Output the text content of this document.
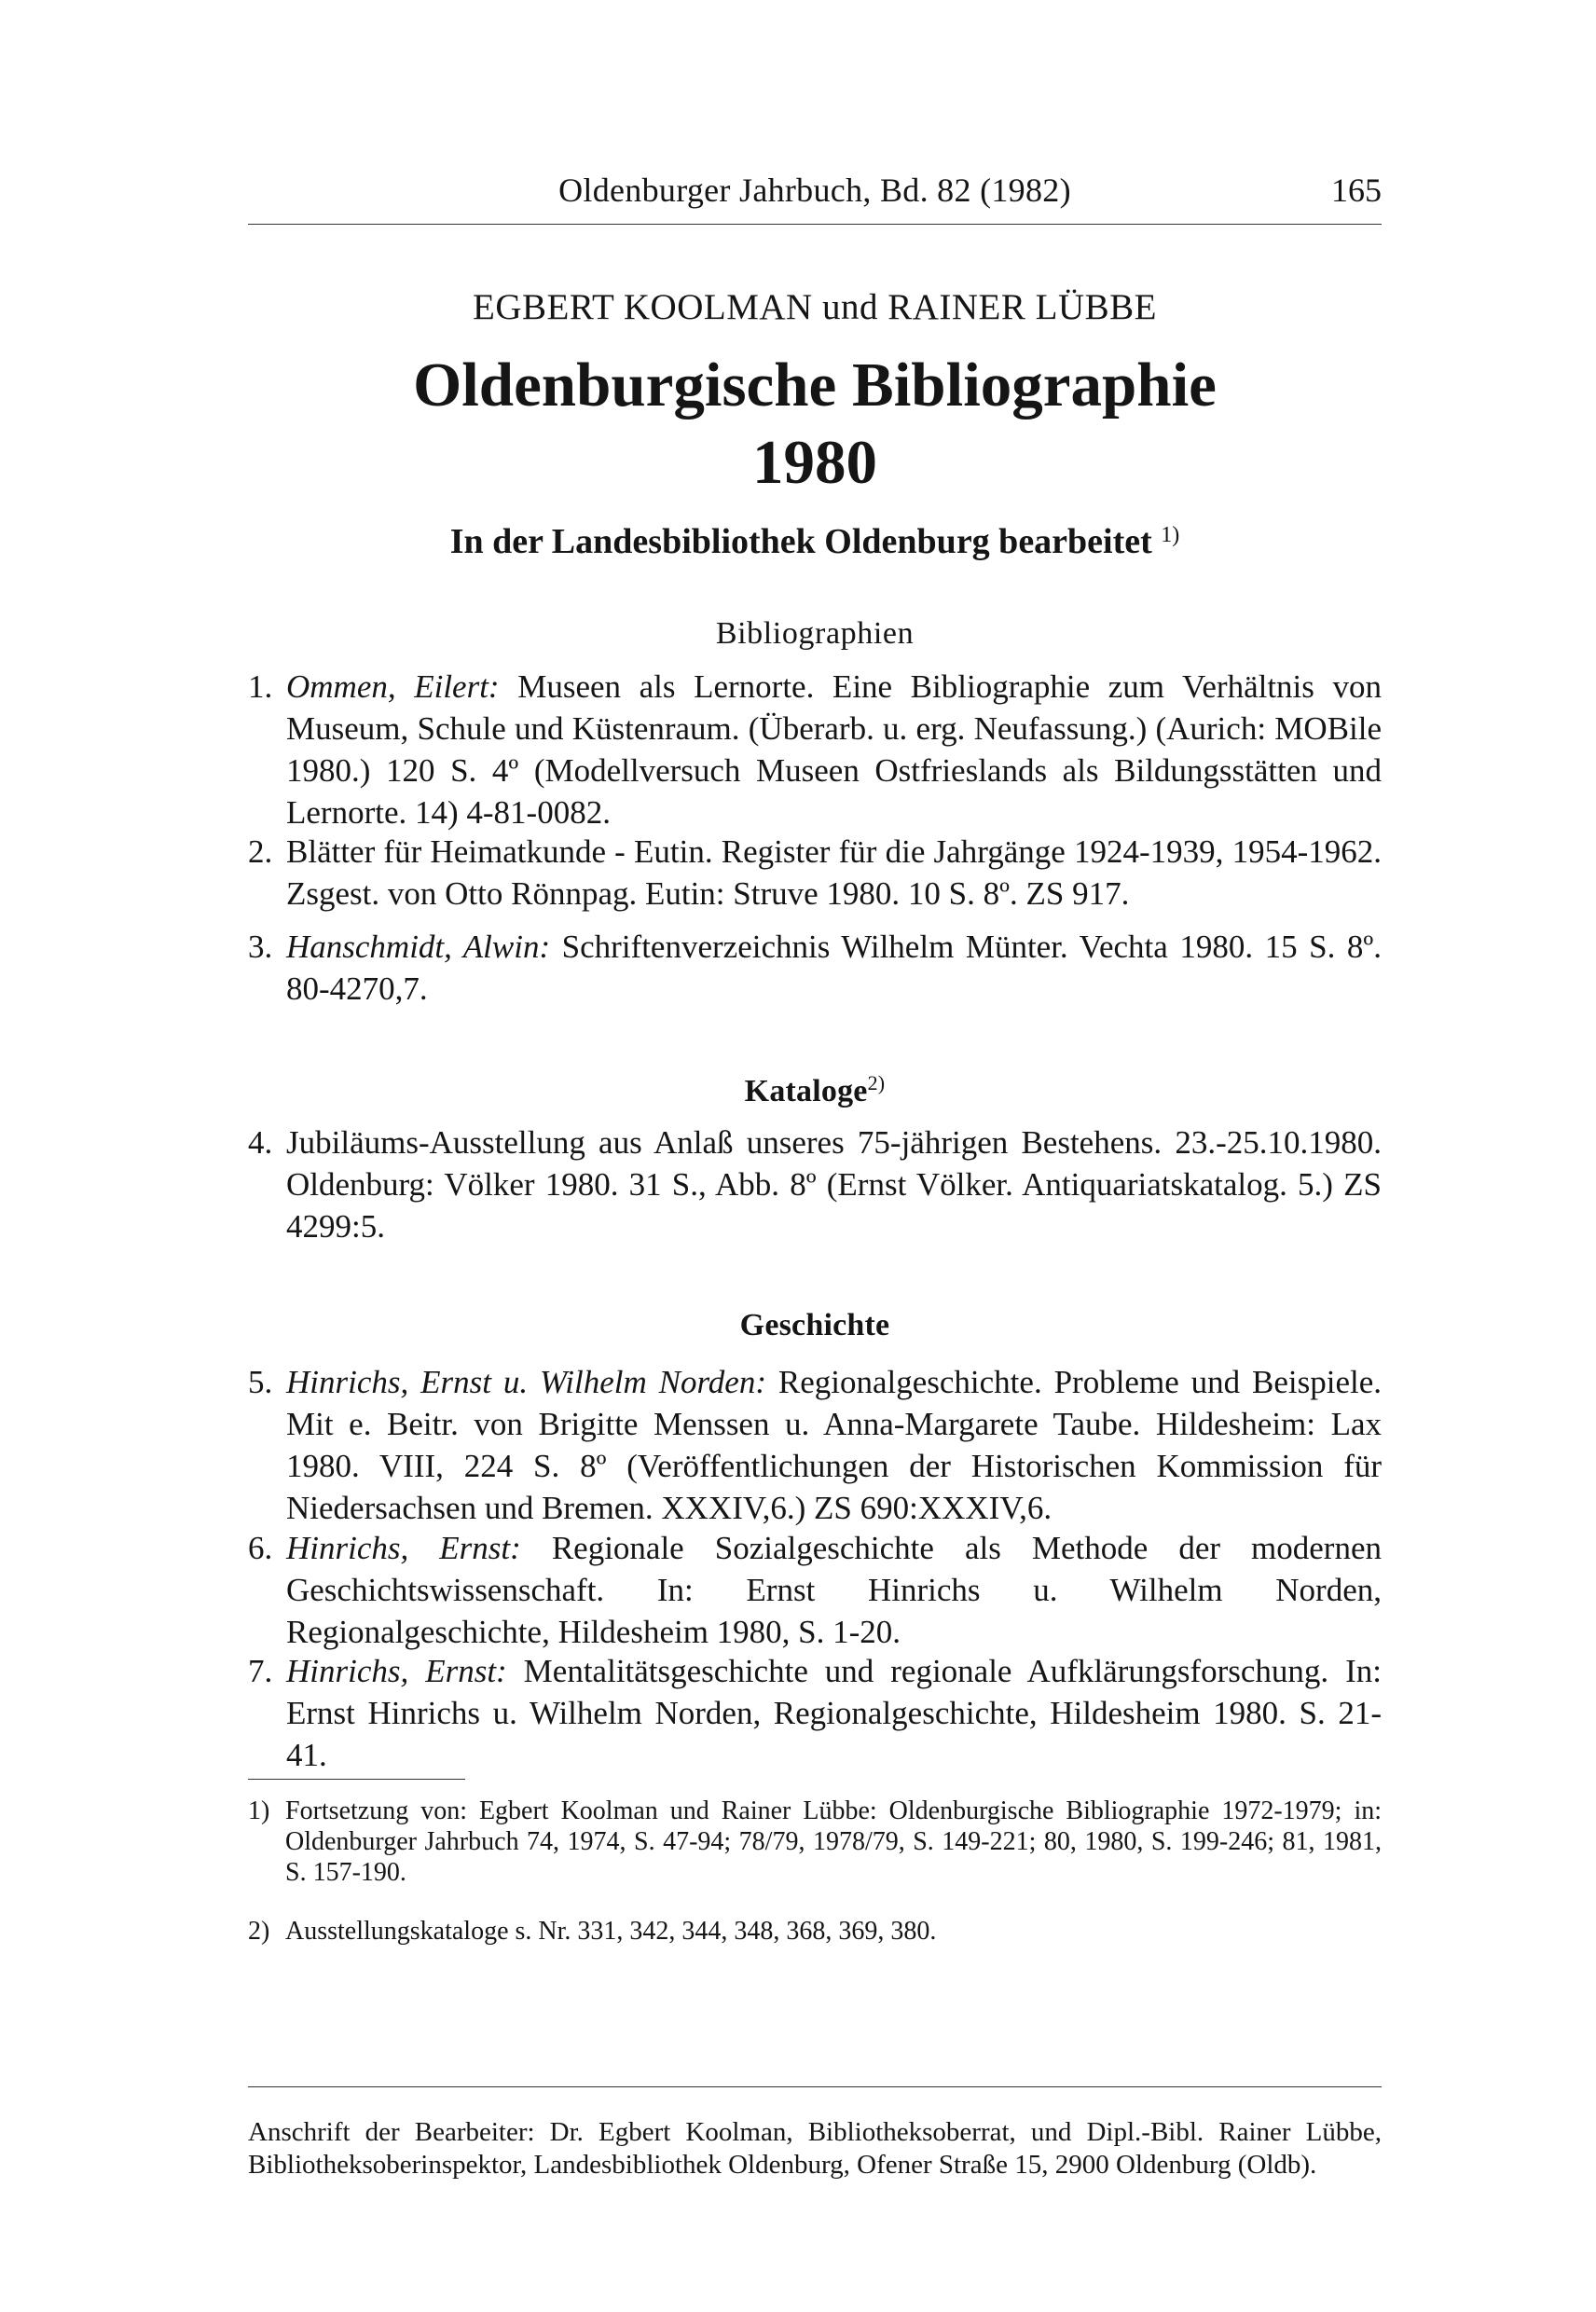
Oldenburger Jahrbuch, Bd. 82 (1982)	165
EGBERT KOOLMAN und RAINER LÜBBE
Oldenburgische Bibliographie
1980
In der Landesbibliothek Oldenburg bearbeitet $^{1)}$
Bibliographien
1. Ommen, Eilert: Museen als Lernorte. Eine Bibliographie zum Verhältnis von Museum, Schule und Küstenraum. (Überarb. u. erg. Neufassung.) (Aurich: MOBile 1980.) 120 S. 4º (Modellversuch Museen Ostfrieslands als Bildungsstätten und Lernorte. 14) 4-81-0082.
2. Blätter für Heimatkunde - Eutin. Register für die Jahrgänge 1924-1939, 1954-1962. Zsgest. von Otto Rönnpag. Eutin: Struve 1980. 10 S. 8º. ZS 917.
3. Hanschmidt, Alwin: Schriftenverzeichnis Wilhelm Münter. Vechta 1980. 15 S. 8º. 80-4270,7.
Kataloge$^{2)}$
4. Jubiläums-Ausstellung aus Anlaß unseres 75-jährigen Bestehens. 23.-25.10.1980. Oldenburg: Völker 1980. 31 S., Abb. 8º (Ernst Völker. Antiquariatskatalog. 5.) ZS 4299:5.
Geschichte
5. Hinrichs, Ernst u. Wilhelm Norden: Regionalgeschichte. Probleme und Beispiele. Mit e. Beitr. von Brigitte Menssen u. Anna-Margarete Taube. Hildesheim: Lax 1980. VIII, 224 S. 8º (Veröffentlichungen der Historischen Kommission für Niedersachsen und Bremen. XXXIV,6.) ZS 690:XXXIV,6.
6. Hinrichs, Ernst: Regionale Sozialgeschichte als Methode der modernen Geschichtswissenschaft. In: Ernst Hinrichs u. Wilhelm Norden, Regionalgeschichte, Hildesheim 1980, S. 1-20.
7. Hinrichs, Ernst: Mentalitätsgeschichte und regionale Aufklärungsforschung. In: Ernst Hinrichs u. Wilhelm Norden, Regionalgeschichte, Hildesheim 1980. S. 21-41.
1) Fortsetzung von: Egbert Koolman und Rainer Lübbe: Oldenburgische Bibliographie 1972-1979; in: Oldenburger Jahrbuch 74, 1974, S. 47-94; 78/79, 1978/79, S. 149-221; 80, 1980, S. 199-246; 81, 1981, S. 157-190.
2) Ausstellungskataloge s. Nr. 331, 342, 344, 348, 368, 369, 380.
Anschrift der Bearbeiter: Dr. Egbert Koolman, Bibliotheksoberrat, und Dipl.-Bibl. Rainer Lübbe, Bibliotheksoberinspektor, Landesbibliothek Oldenburg, Ofener Straße 15, 2900 Oldenburg (Oldb).
